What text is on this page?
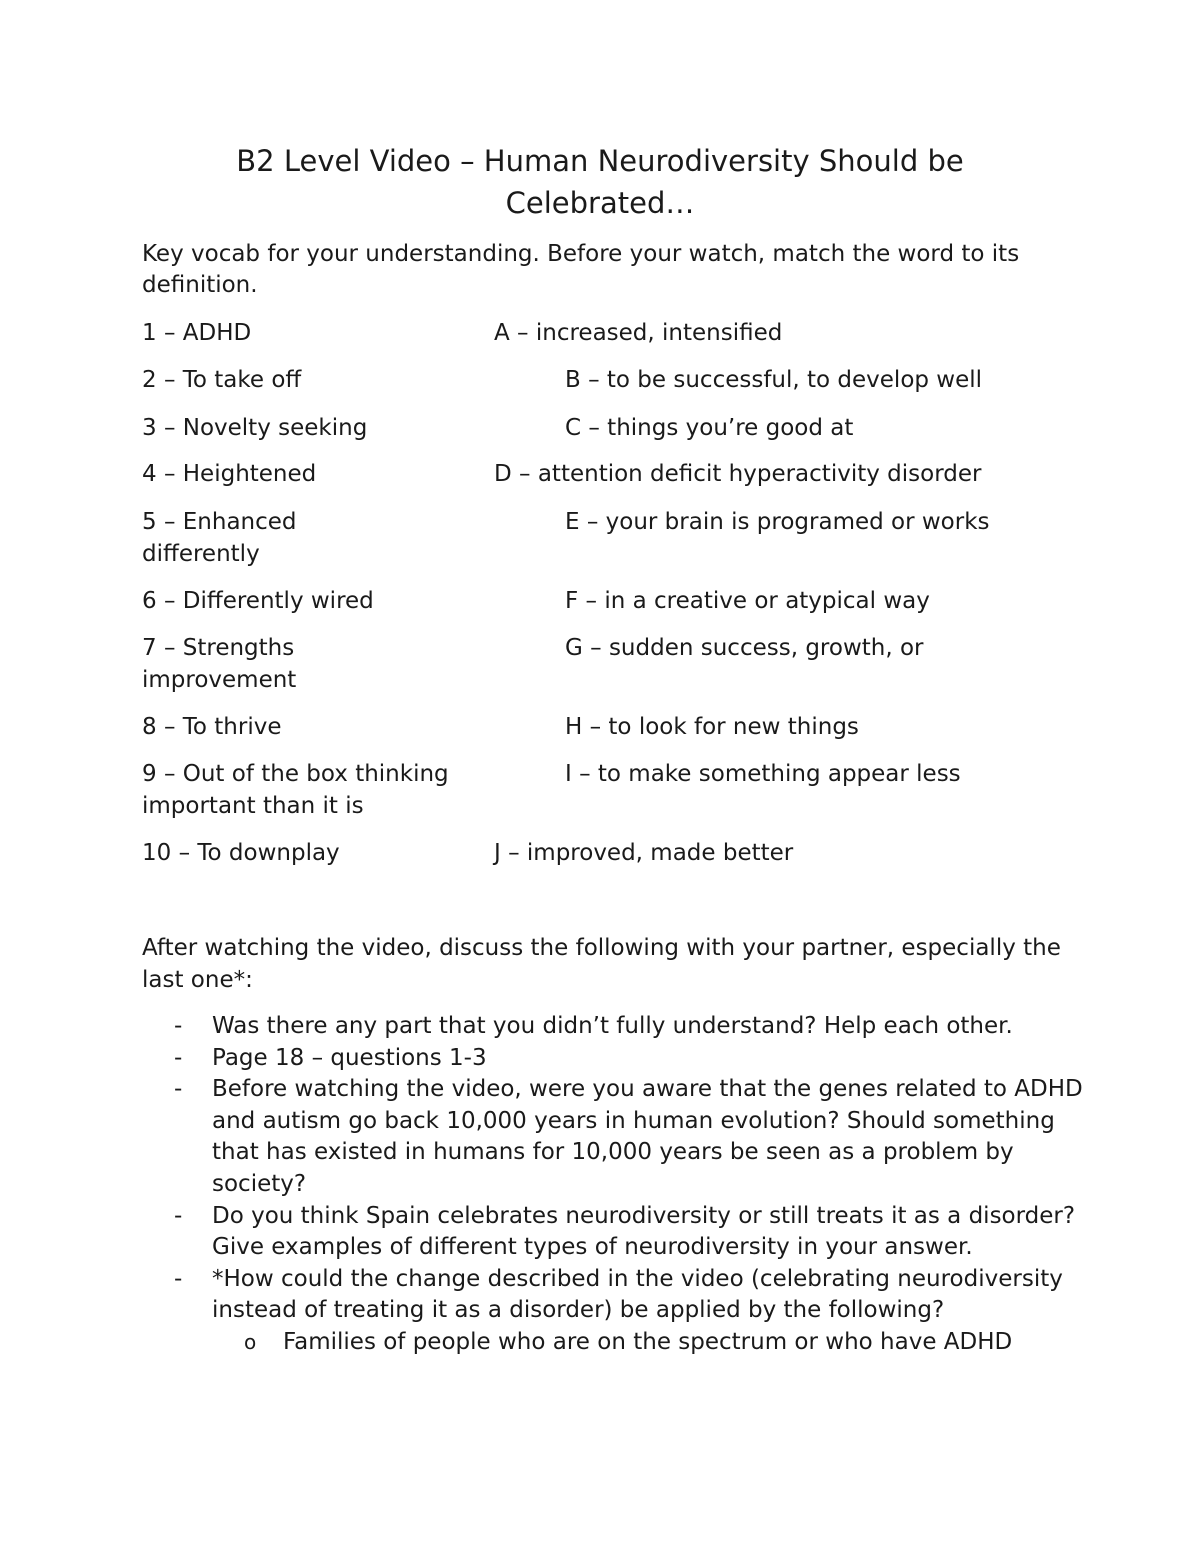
B2 Level Video – Human Neurodiversity Should be Celebrated…

Key vocab for your understanding. Before your watch, match the word to its definition.

1 – ADHD

2 – To take off

3 – Novelty seeking

4 – Heightened

5 – Enhanced

differently

6 – Differently wired

7 – Strengths

improvement

8 – To thrive

9 – Out of the box thinking

important than it is

10 – To downplay

A – increased, intensified

B – to be successful, to develop well

C – things you’re good at

D – attention deficit hyperactivity disorder

E – your brain is programed or works

F – in a creative or atypical way

G – sudden success, growth, or

H – to look for new things

I – to make something appear less

J – improved, made better

After watching the video, discuss the following with your partner, especially the last one*:

- Was there any part that you didn’t fully understand? Help each other.
- Page 18 – questions 1-3
- Before watching the video, were you aware that the genes related to ADHD and autism go back 10,000 years in human evolution? Should something that has existed in humans for 10,000 years be seen as a problem by society?
- Do you think Spain celebrates neurodiversity or still treats it as a disorder? Give examples of different types of neurodiversity in your answer.
- *How could the change described in the video (celebrating neurodiversity instead of treating it as a disorder) be applied by the following?
o Families of people who are on the spectrum or who have ADHD
